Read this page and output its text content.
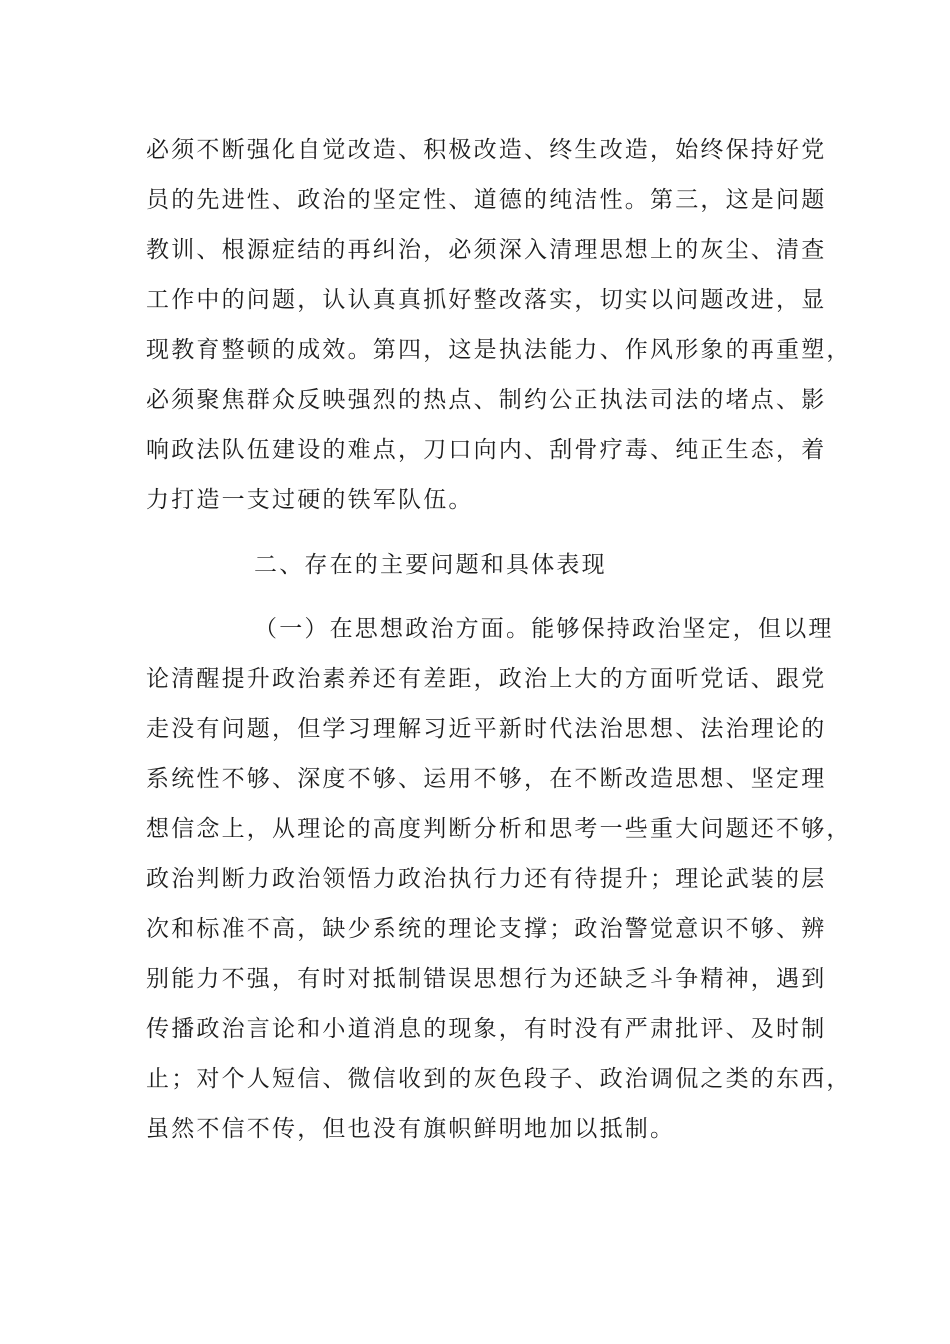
必须不断强化自觉改造、积极改造、终生改造，始终保持好党
员的先进性、政治的坚定性、道德的纯洁性。第三，这是问题
教训、根源症结的再纠治，必须深入清理思想上的灰尘、清查
工作中的问题，认认真真抓好整改落实，切实以问题改进，显
现教育整顿的成效。第四，这是执法能力、作风形象的再重塑，
必须聚焦群众反映强烈的热点、制约公正执法司法的堵点、影
响政法队伍建设的难点，刀口向内、刮骨疗毒、纯正生态，着
力打造一支过硬的铁军队伍。
二、存在的主要问题和具体表现
（一）在思想政治方面。能够保持政治坚定，但以理
论清醒提升政治素养还有差距，政治上大的方面听党话、跟党
走没有问题，但学习理解习近平新时代法治思想、法治理论的
系统性不够、深度不够、运用不够，在不断改造思想、坚定理
想信念上，从理论的高度判断分析和思考一些重大问题还不够，
政治判断力政治领悟力政治执行力还有待提升；理论武装的层
次和标准不高，缺少系统的理论支撑；政治警觉意识不够、辨
别能力不强，有时对抵制错误思想行为还缺乏斗争精神，遇到
传播政治言论和小道消息的现象，有时没有严肃批评、及时制
止；对个人短信、微信收到的灰色段子、政治调侃之类的东西，
虽然不信不传，但也没有旗帜鲜明地加以抵制。
